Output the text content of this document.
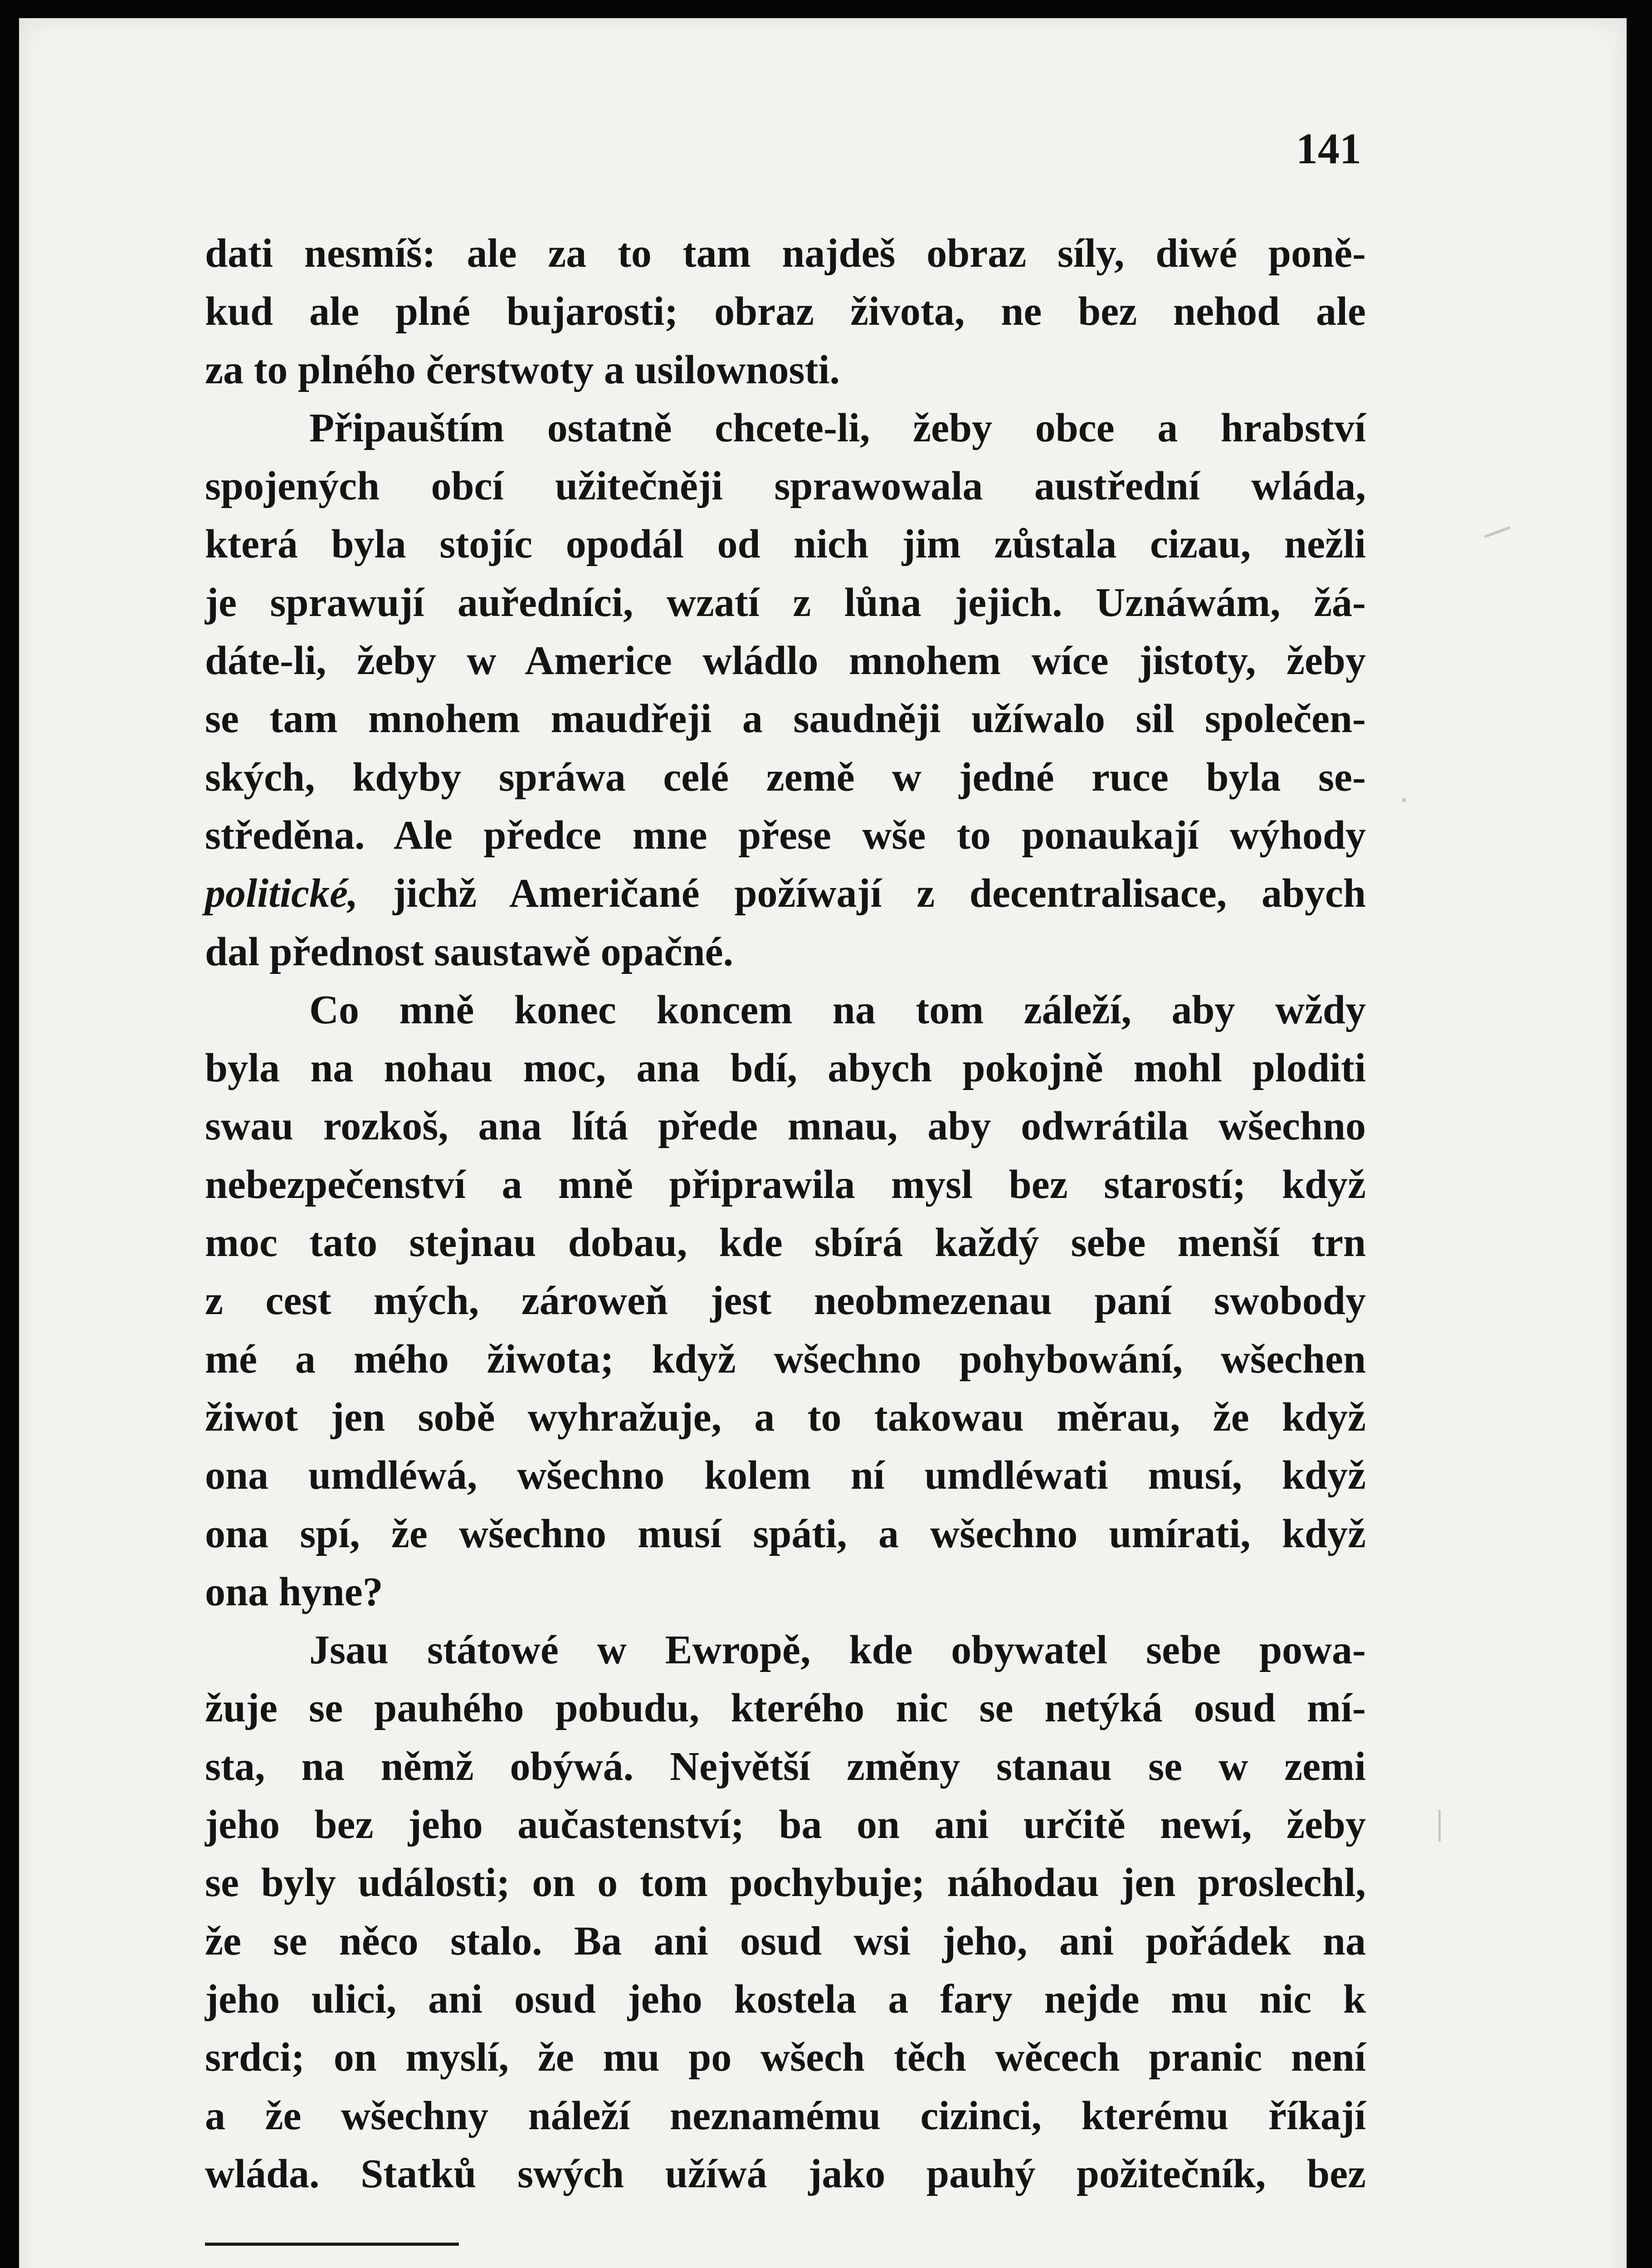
141
dati nesmíš: ale za to tam najdeš obraz síly, diwé poně-
kud ale plné bujarosti; obraz života, ne bez nehod ale
za to plného čerstwoty a usilownosti.
Připauštím ostatně chcete-li, žeby obce a hrabství
spojených obcí užitečněji sprawowala austřední wláda,
která byla stojíc opodál od nich jim zůstala cizau, nežli
je sprawují auředníci, wzatí z lůna jejich. Uznáwám, žá-
dáte-li, žeby w Americe wládlo mnohem wíce jistoty, žeby
se tam mnohem maudřeji a saudněji užíwalo sil společen-
ských, kdyby spráwa celé země w jedné ruce byla se-
středěna. Ale předce mne přese wše to ponaukají wýhody
politické, jichž Američané požíwají z decentralisace, abych
dal přednost saustawě opačné.
Co mně konec koncem na tom záleží, aby wždy
byla na nohau moc, ana bdí, abych pokojně mohl ploditi
swau rozkoš, ana lítá přede mnau, aby odwrátila wšechno
nebezpečenství a mně připrawila mysl bez starostí; když
moc tato stejnau dobau, kde sbírá každý sebe menší trn
z cest mých, zároweň jest neobmezenau paní swobody
mé a mého žiwota; když wšechno pohybowání, wšechen
žiwot jen sobě wyhražuje, a to takowau měrau, že když
ona umdléwá, wšechno kolem ní umdléwati musí, když
ona spí, že wšechno musí spáti, a wšechno umírati, když
ona hyne?
Jsau státowé w Ewropě, kde obywatel sebe powa-
žuje se pauhého pobudu, kterého nic se netýká osud mí-
sta, na němž obýwá. Největší změny stanau se w zemi
jeho bez jeho aučastenství; ba on ani určitě newí, žeby
se byly události; on o tom pochybuje; náhodau jen proslechl,
že se něco stalo. Ba ani osud wsi jeho, ani pořádek na
jeho ulici, ani osud jeho kostela a fary nejde mu nic k
srdci; on myslí, že mu po wšech těch wěcech pranic není
a že wšechny náleží neznamému cizinci, kterému říkají
wláda. Statků swých užíwá jako pauhý požitečník, bez
